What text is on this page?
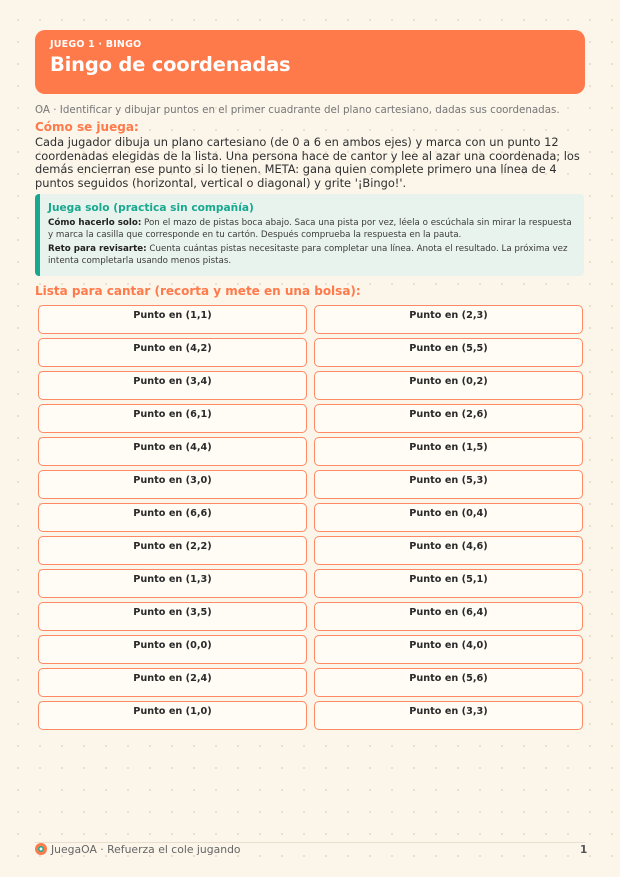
JUEGO 1 · BINGO
Bingo de coordenadas
OA · Identificar y dibujar puntos en el primer cuadrante del plano cartesiano, dadas sus coordenadas.
Cómo se juega:
Cada jugador dibuja un plano cartesiano (de 0 a 6 en ambos ejes) y marca con un punto 12 coordenadas elegidas de la lista. Una persona hace de cantor y lee al azar una coordenada; los demás encierran ese punto si lo tienen. META: gana quien complete primero una línea de 4 puntos seguidos (horizontal, vertical o diagonal) y grite '¡Bingo!'.
Juega solo (practica sin compañía)
Cómo hacerlo solo: Pon el mazo de pistas boca abajo. Saca una pista por vez, léela o escúchala sin mirar la respuesta y marca la casilla que corresponde en tu cartón. Después comprueba la respuesta en la pauta.
Reto para revisarte: Cuenta cuántas pistas necesitaste para completar una línea. Anota el resultado. La próxima vez intenta completarla usando menos pistas.
Lista para cantar (recorta y mete en una bolsa):
Punto en (1,1)	Punto en (2,3)
Punto en (4,2)	Punto en (5,5)
Punto en (3,4)	Punto en (0,2)
Punto en (6,1)	Punto en (2,6)
Punto en (4,4)	Punto en (1,5)
Punto en (3,0)	Punto en (5,3)
Punto en (6,6)	Punto en (0,4)
Punto en (2,2)	Punto en (4,6)
Punto en (1,3)	Punto en (5,1)
Punto en (3,5)	Punto en (6,4)
Punto en (0,0)	Punto en (4,0)
Punto en (2,4)	Punto en (5,6)
Punto en (1,0)	Punto en (3,3)
JuegaOA · Refuerza el cole jugando	1
